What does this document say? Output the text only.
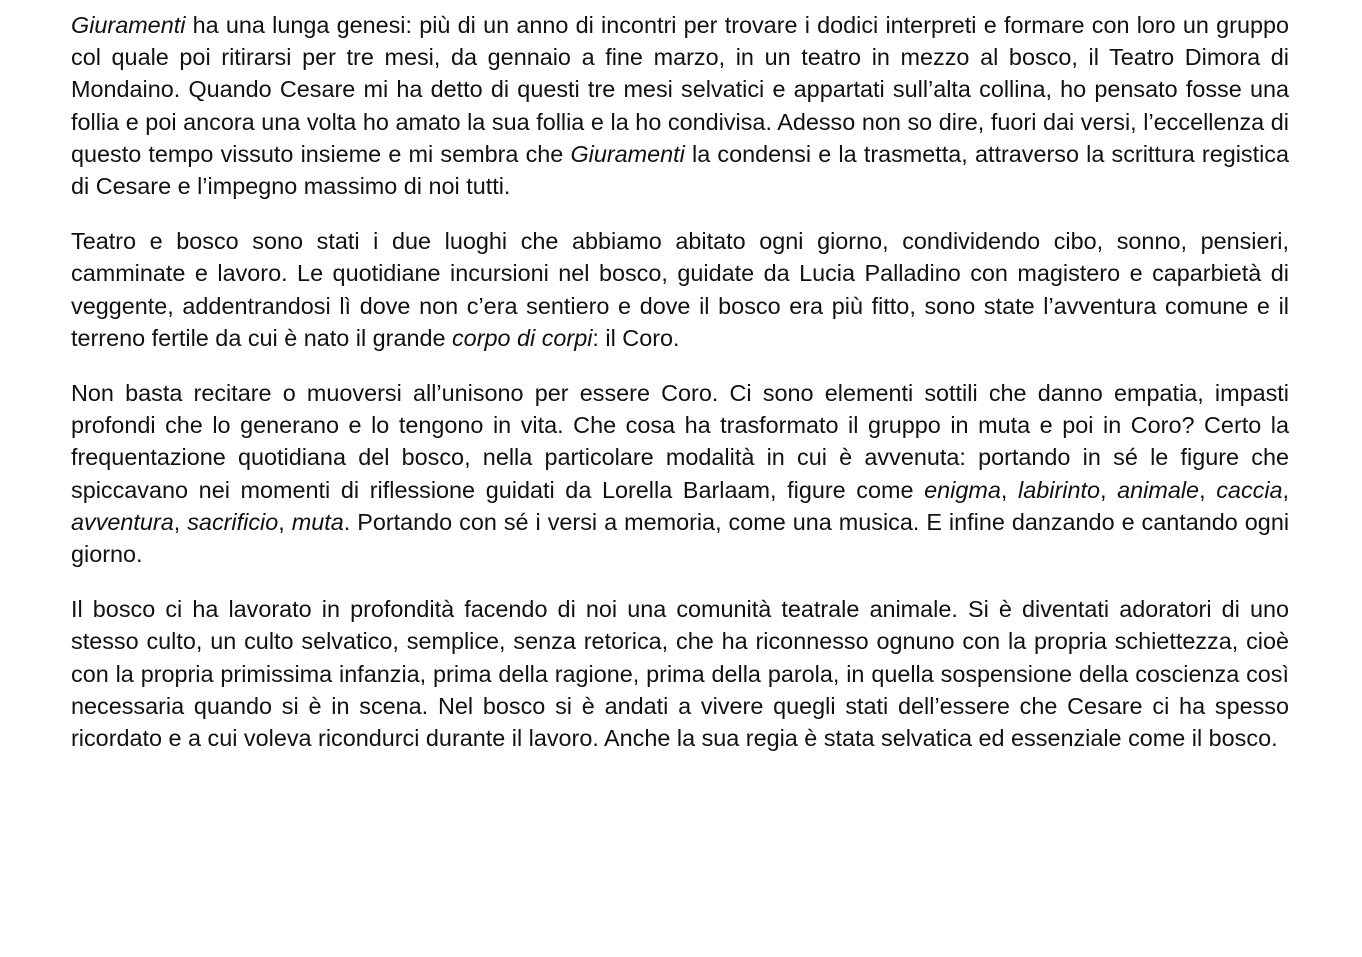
Giuramenti ha una lunga genesi: più di un anno di incontri per trovare i dodici interpreti e formare con loro un gruppo col quale poi ritirarsi per tre mesi, da gennaio a fine marzo, in un teatro in mezzo al bosco, il Teatro Dimora di Mondaino. Quando Cesare mi ha detto di questi tre mesi selvatici e appartati sull’alta collina, ho pensato fosse una follia e poi ancora una volta ho amato la sua follia e la ho condivisa. Adesso non so dire, fuori dai versi, l’eccellenza di questo tempo vissuto insieme e mi sembra che Giuramenti la condensi e la trasmetta, attraverso la scrittura registica di Cesare e l’impegno massimo di noi tutti.

Teatro e bosco sono stati i due luoghi che abbiamo abitato ogni giorno, condividendo cibo, sonno, pensieri, camminate e lavoro. Le quotidiane incursioni nel bosco, guidate da Lucia Palladino con magistero e caparbietà di veggente, addentrandosi lì dove non c’era sentiero e dove il bosco era più fitto, sono state l’avventura comune e il terreno fertile da cui è nato il grande corpo di corpi: il Coro.

Non basta recitare o muoversi all’unisono per essere Coro. Ci sono elementi sottili che danno empatia, impasti profondi che lo generano e lo tengono in vita. Che cosa ha trasformato il gruppo in muta e poi in Coro? Certo la frequentazione quotidiana del bosco, nella particolare modalità in cui è avvenuta: portando in sé le figure che spiccavano nei momenti di riflessione guidati da Lorella Barlaam, figure come enigma, labirinto, animale, caccia, avventura, sacrificio, muta. Portando con sé i versi a memoria, come una musica. E infine danzando e cantando ogni giorno.

Il bosco ci ha lavorato in profondità facendo di noi una comunità teatrale animale. Si è diventati adoratori di uno stesso culto, un culto selvatico, semplice, senza retorica, che ha riconnesso ognuno con la propria schiettezza, cioè con la propria primissima infanzia, prima della ragione, prima della parola, in quella sospensione della coscienza così necessaria quando si è in scena. Nel bosco si è andati a vivere quegli stati dell’essere che Cesare ci ha spesso ricordato e a cui voleva ricondurci durante il lavoro. Anche la sua regia è stata selvatica ed essenziale come il bosco.
